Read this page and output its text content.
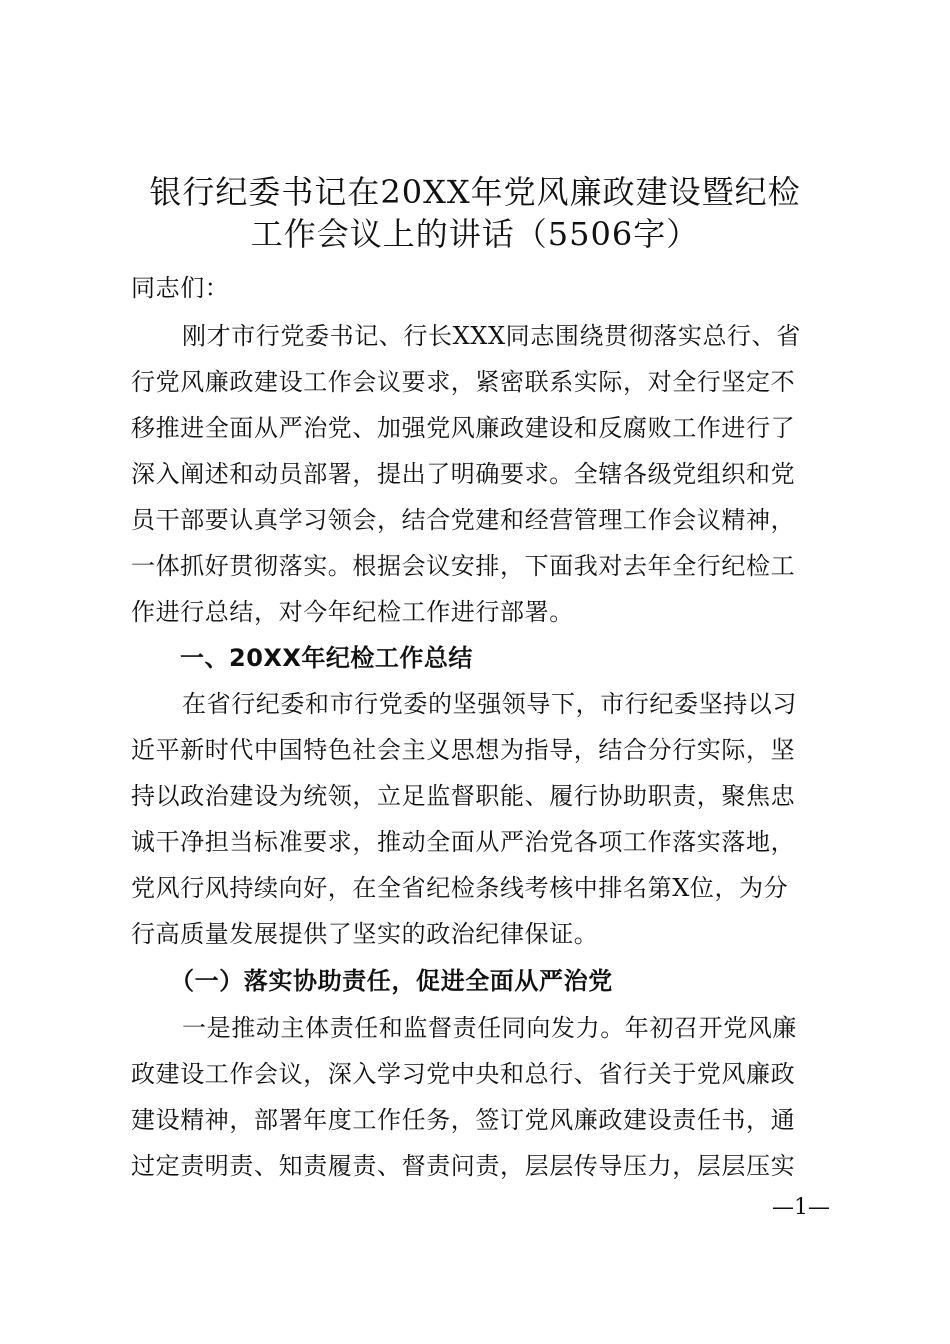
银行纪委书记在20XX年党风廉政建设暨纪检
工作会议上的讲话（5506字）
同志们：
刚才市行党委书记、行长XXX同志围绕贯彻落实总行、省
行党风廉政建设工作会议要求，紧密联系实际，对全行坚定不
移推进全面从严治党、加强党风廉政建设和反腐败工作进行了
深入阐述和动员部署，提出了明确要求。全辖各级党组织和党
员干部要认真学习领会，结合党建和经营管理工作会议精神，
一体抓好贯彻落实。根据会议安排，下面我对去年全行纪检工
作进行总结，对今年纪检工作进行部署。
一、20XX年纪检工作总结
在省行纪委和市行党委的坚强领导下，市行纪委坚持以习
近平新时代中国特色社会主义思想为指导，结合分行实际，坚
持以政治建设为统领，立足监督职能、履行协助职责，聚焦忠
诚干净担当标准要求，推动全面从严治党各项工作落实落地，
党风行风持续向好，在全省纪检条线考核中排名第X位，为分
行高质量发展提供了坚实的政治纪律保证。
（一）落实协助责任，促进全面从严治党
一是推动主体责任和监督责任同向发力。年初召开党风廉
政建设工作会议，深入学习党中央和总行、省行关于党风廉政
建设精神，部署年度工作任务，签订党风廉政建设责任书，通
过定责明责、知责履责、督责问责，层层传导压力，层层压实
—1—
